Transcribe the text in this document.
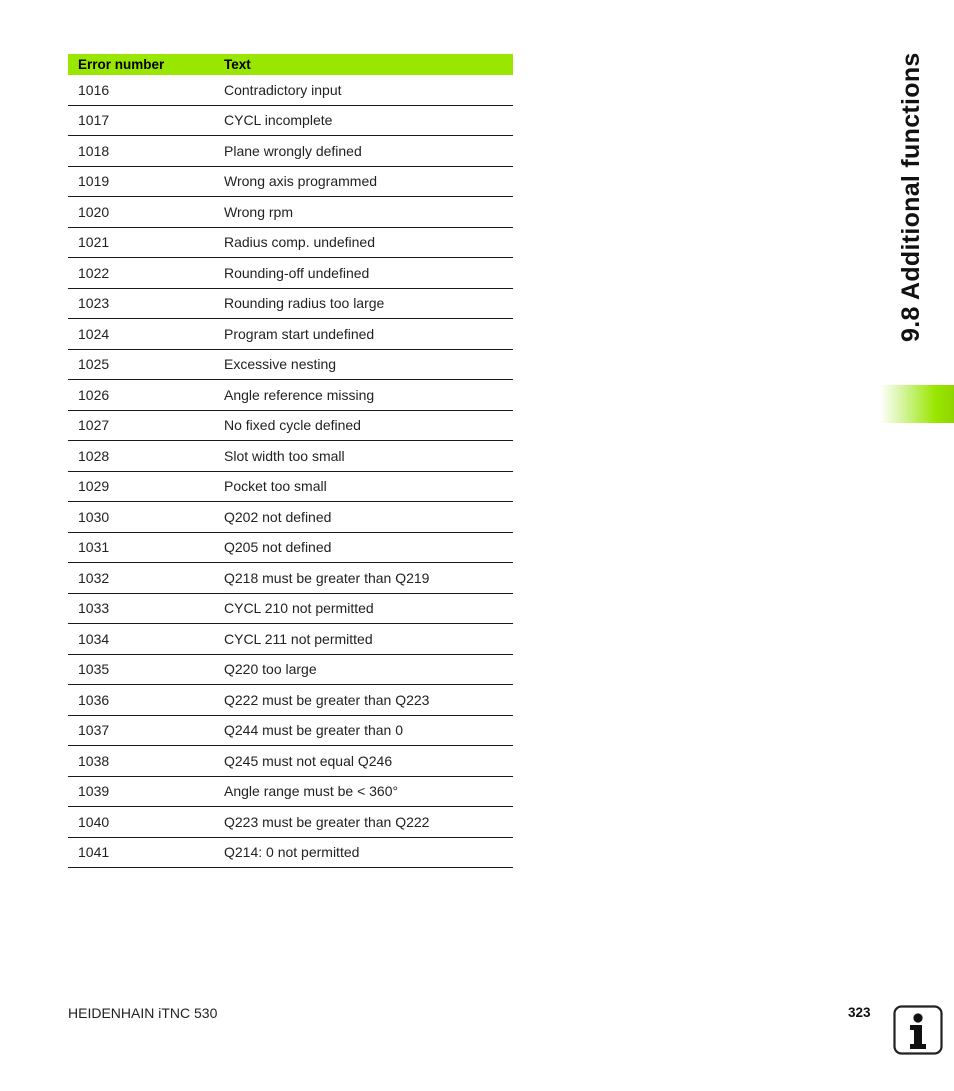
Error number	Text
1016	Contradictory input
1017	CYCL incomplete
1018	Plane wrongly defined
1019	Wrong axis programmed
1020	Wrong rpm
1021	Radius comp. undefined
1022	Rounding-off undefined
1023	Rounding radius too large
1024	Program start undefined
1025	Excessive nesting
1026	Angle reference missing
1027	No fixed cycle defined
1028	Slot width too small
1029	Pocket too small
1030	Q202 not defined
1031	Q205 not defined
1032	Q218 must be greater than Q219
1033	CYCL 210 not permitted
1034	CYCL 211 not permitted
1035	Q220 too large
1036	Q222 must be greater than Q223
1037	Q244 must be greater than 0
1038	Q245 must not equal Q246
1039	Angle range must be < 360°
1040	Q223 must be greater than Q222
1041	Q214: 0 not permitted
9.8 Additional functions
HEIDENHAIN iTNC 530	323
